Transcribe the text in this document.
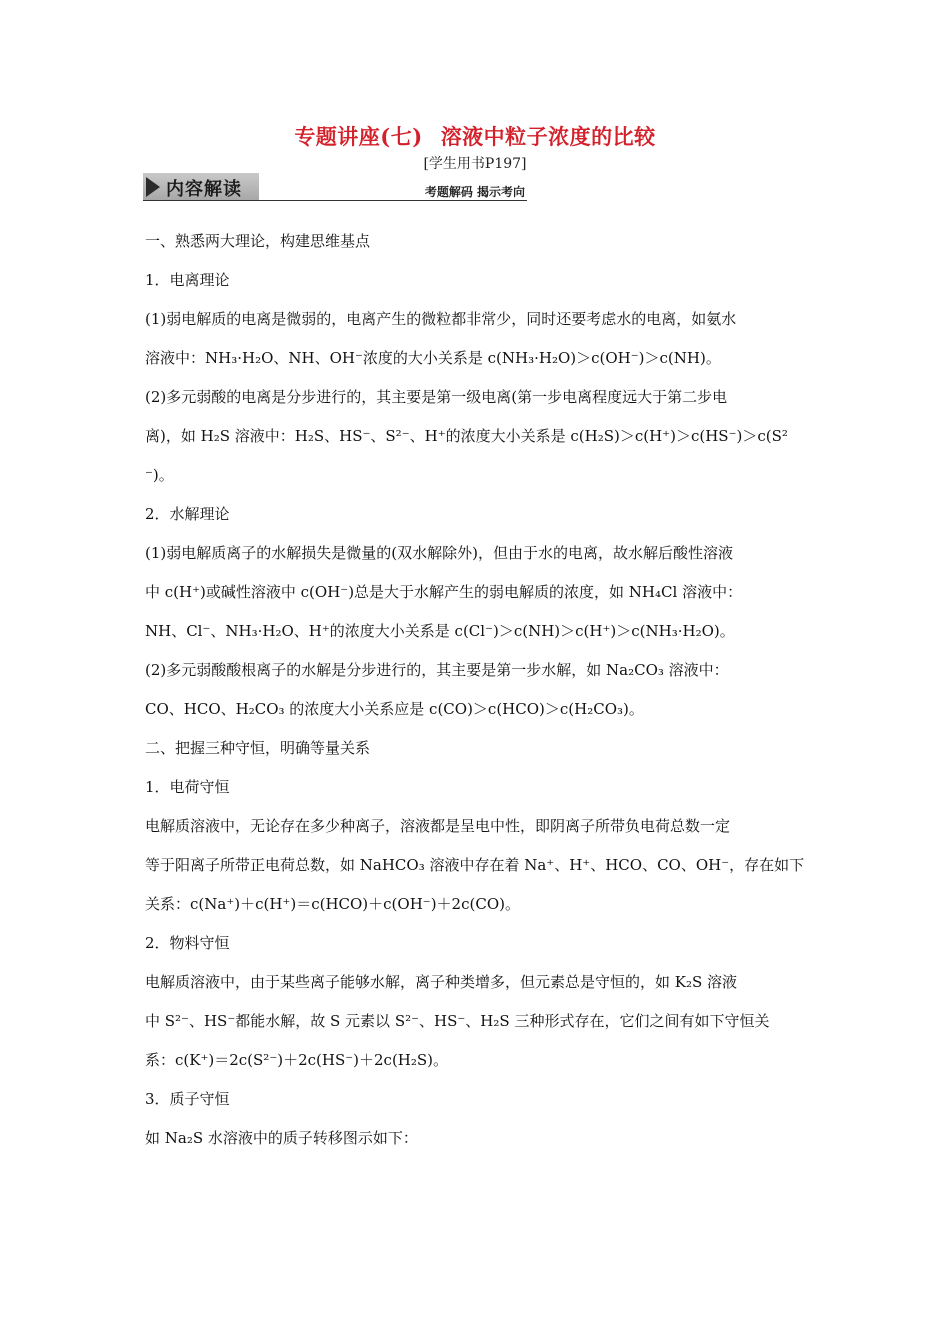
专题讲座(七) 溶液中粒子浓度的比较
[学生用书P197]
内容解读	考题解码 揭示考向

一、熟悉两大理论，构建思维基点

1．电离理论

(1)弱电解质的电离是微弱的，电离产生的微粒都非常少，同时还要考虑水的电离，如氨水

溶液中：NH₃·H₂O、NH、OH⁻浓度的大小关系是 c(NH₃·H₂O)＞c(OH⁻)＞c(NH)。

(2)多元弱酸的电离是分步进行的，其主要是第一级电离(第一步电离程度远大于第二步电

离)，如 H₂S 溶液中：H₂S、HS⁻、S²⁻、H⁺的浓度大小关系是 c(H₂S)＞c(H⁺)＞c(HS⁻)＞c(S²

⁻)。

2．水解理论

(1)弱电解质离子的水解损失是微量的(双水解除外)，但由于水的电离，故水解后酸性溶液

中 c(H⁺)或碱性溶液中 c(OH⁻)总是大于水解产生的弱电解质的浓度，如 NH₄Cl 溶液中：

NH、Cl⁻、NH₃·H₂O、H⁺的浓度大小关系是 c(Cl⁻)＞c(NH)＞c(H⁺)＞c(NH₃·H₂O)。

(2)多元弱酸酸根离子的水解是分步进行的，其主要是第一步水解，如 Na₂CO₃ 溶液中：

CO、HCO、H₂CO₃ 的浓度大小关系应是 c(CO)＞c(HCO)＞c(H₂CO₃)。

二、把握三种守恒，明确等量关系

1．电荷守恒

电解质溶液中，无论存在多少种离子，溶液都是呈电中性，即阴离子所带负电荷总数一定

等于阳离子所带正电荷总数，如 NaHCO₃ 溶液中存在着 Na⁺、H⁺、HCO、CO、OH⁻，存在如下

关系：c(Na⁺)＋c(H⁺)＝c(HCO)＋c(OH⁻)＋2c(CO)。

2．物料守恒

电解质溶液中，由于某些离子能够水解，离子种类增多，但元素总是守恒的，如 K₂S 溶液

中 S²⁻、HS⁻都能水解，故 S 元素以 S²⁻、HS⁻、H₂S 三种形式存在，它们之间有如下守恒关

系：c(K⁺)＝2c(S²⁻)＋2c(HS⁻)＋2c(H₂S)。

3．质子守恒

如 Na₂S 水溶液中的质子转移图示如下：
